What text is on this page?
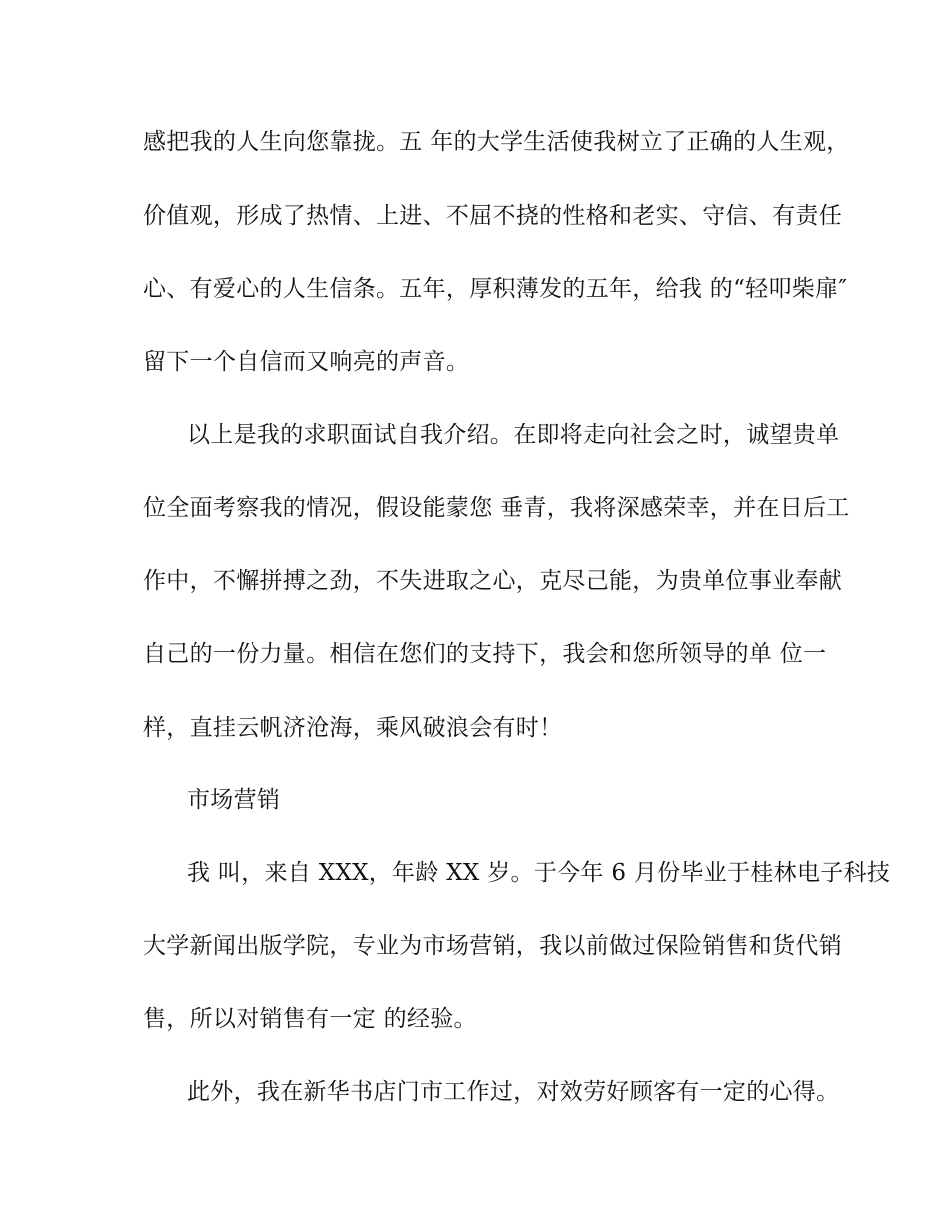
感把我的人生向您靠拢。五 年的大学生活使我树立了正确的人生观，
价值观，形成了热情、上进、不屈不挠的性格和老实、守信、有责任
心、有爱心的人生信条。五年，厚积薄发的五年，给我 的“轻叩柴扉″
留下一个自信而又响亮的声音。
以上是我的求职面试自我介绍。在即将走向社会之时，诚望贵单
位全面考察我的情况，假设能蒙您 垂青，我将深感荣幸，并在日后工
作中，不懈拼搏之劲，不失进取之心，克尽己能，为贵单位事业奉献
自己的一份力量。相信在您们的支持下，我会和您所领导的单 位一
样，直挂云帆济沧海，乘风破浪会有时！
市场营销
我 叫，来自 XXX，年龄 XX 岁。于今年 6 月份毕业于桂林电子科技
大学新闻出版学院，专业为市场营销，我以前做过保险销售和货代销
售，所以对销售有一定 的经验。
此外，我在新华书店门市工作过，对效劳好顾客有一定的心得。
